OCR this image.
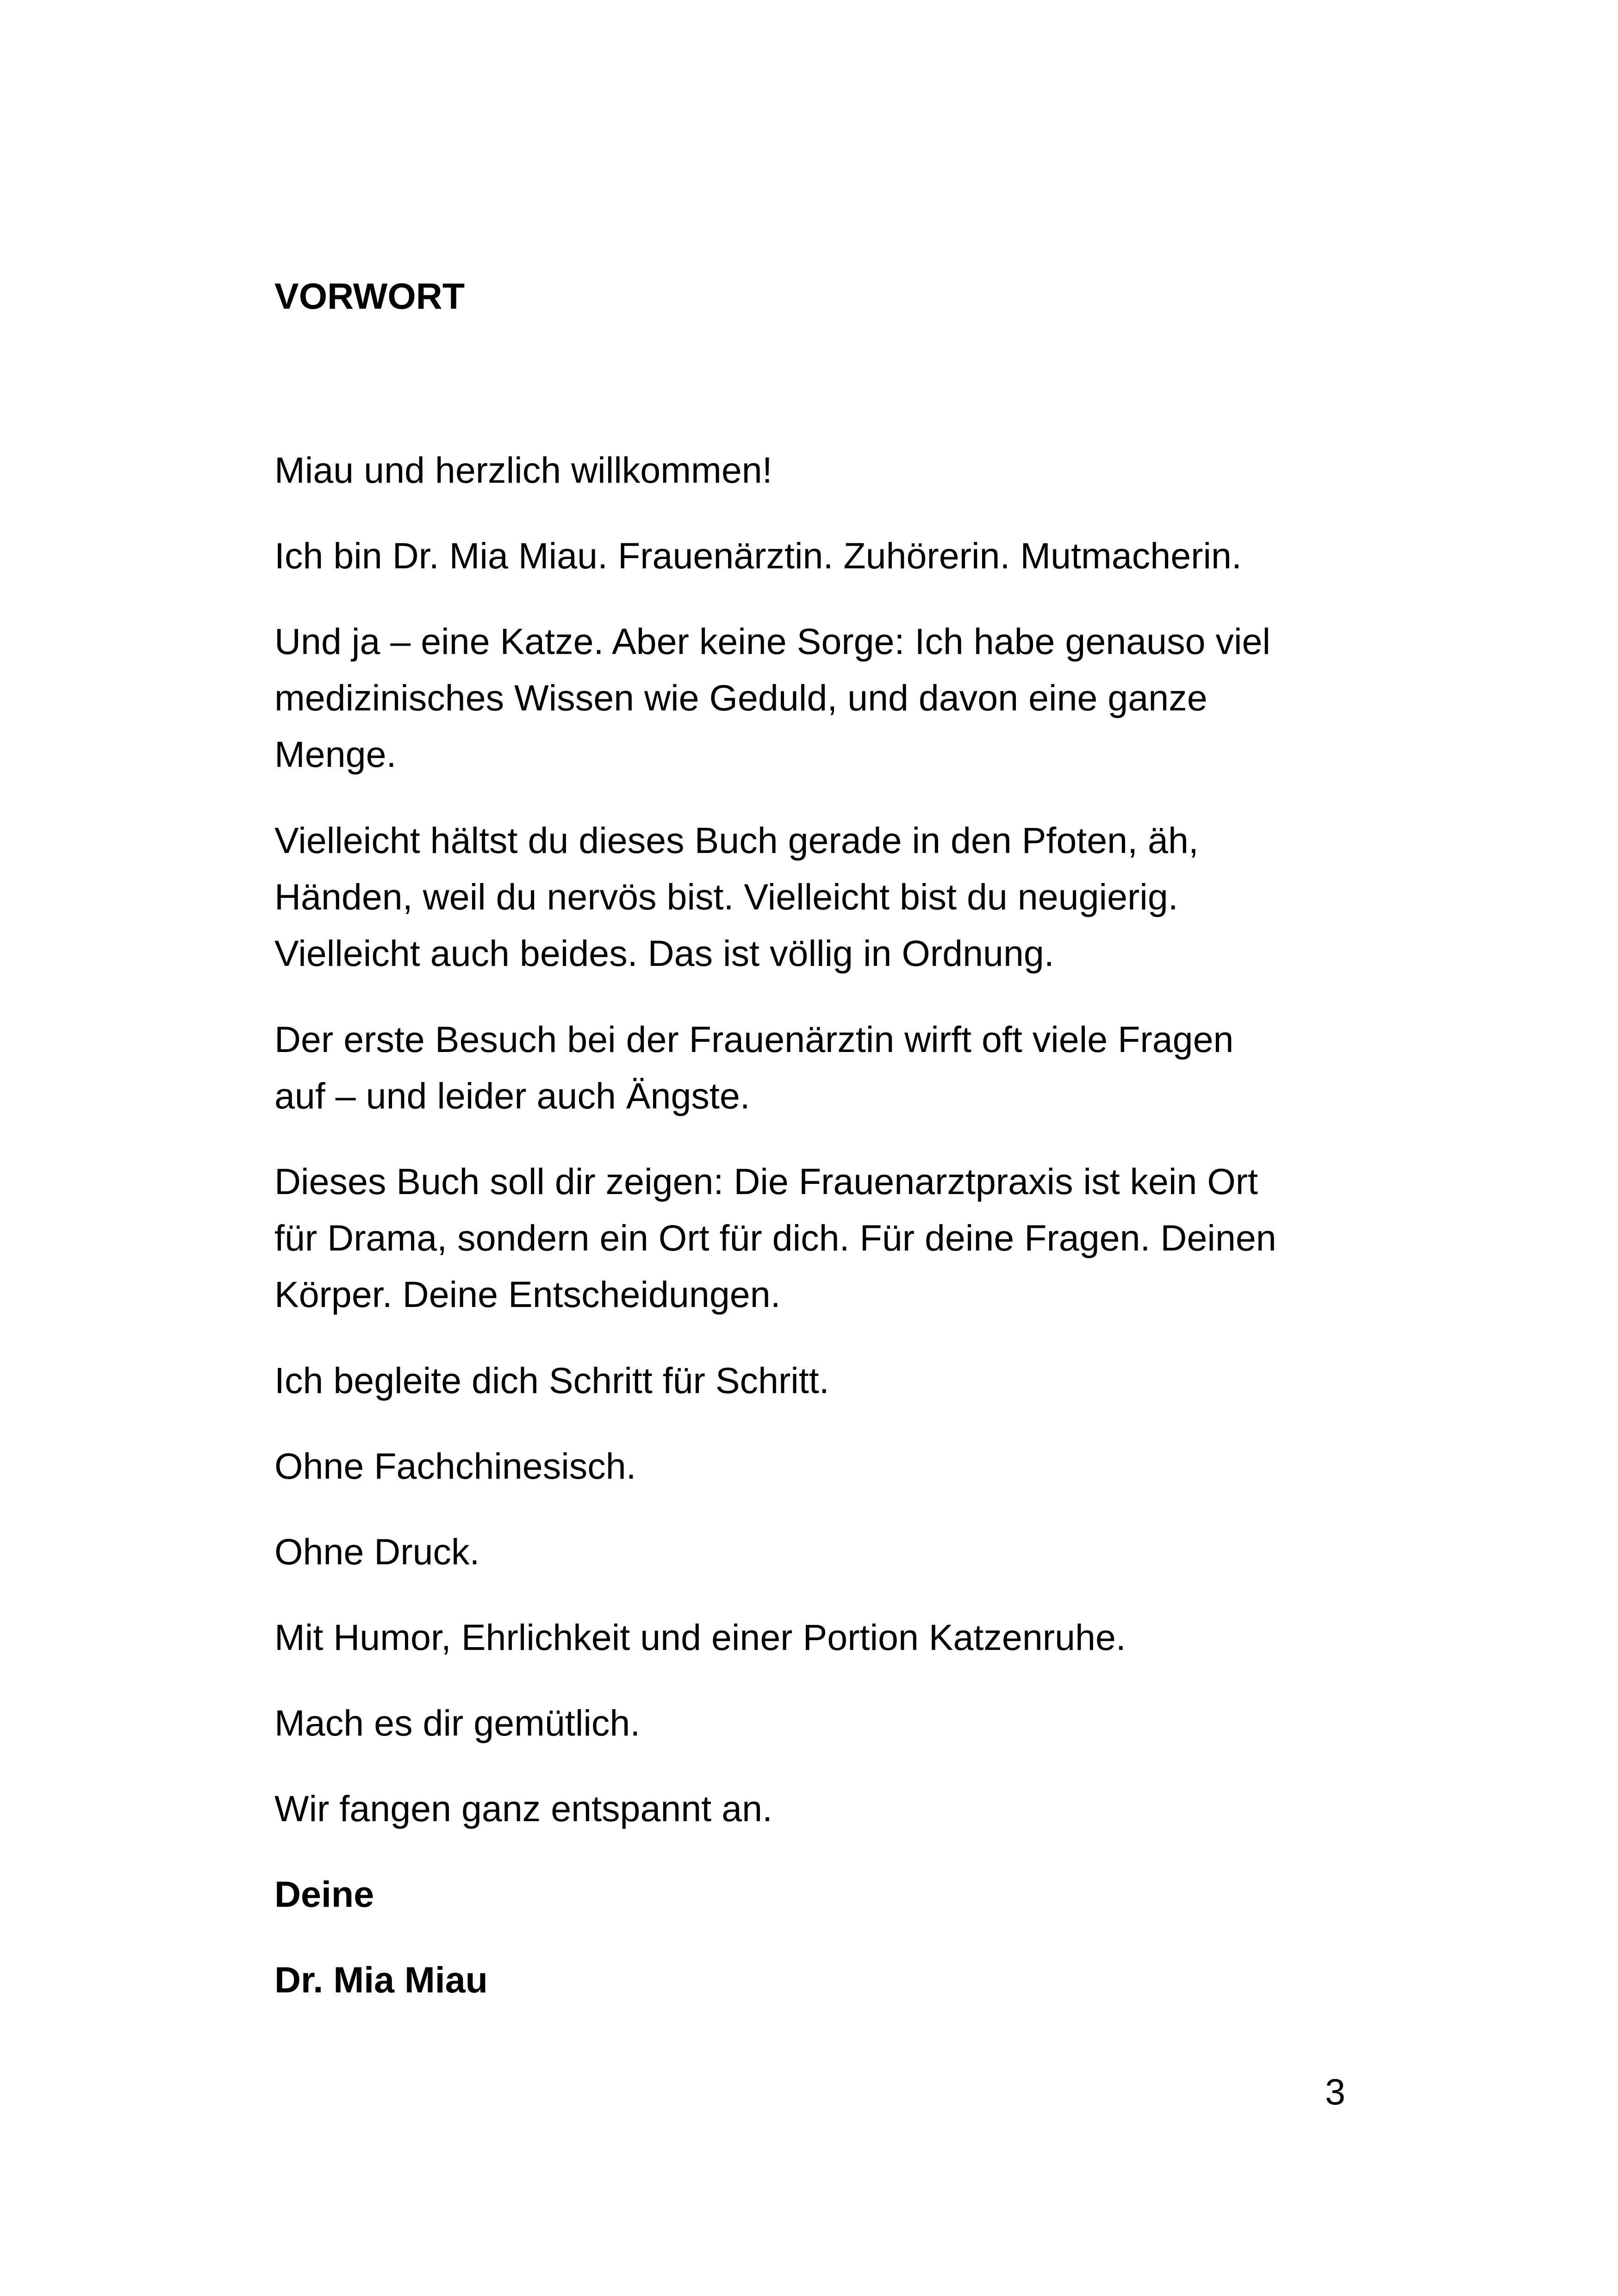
VORWORT
Miau und herzlich willkommen!
Ich bin Dr. Mia Miau. Frauenärztin. Zuhörerin. Mutmacherin.
Und ja – eine Katze. Aber keine Sorge: Ich habe genauso viel
medizinisches Wissen wie Geduld, und davon eine ganze
Menge.
Vielleicht hältst du dieses Buch gerade in den Pfoten, äh,
Händen, weil du nervös bist. Vielleicht bist du neugierig.
Vielleicht auch beides. Das ist völlig in Ordnung.
Der erste Besuch bei der Frauenärztin wirft oft viele Fragen
auf – und leider auch Ängste.
Dieses Buch soll dir zeigen: Die Frauenarztpraxis ist kein Ort
für Drama, sondern ein Ort für dich. Für deine Fragen. Deinen
Körper. Deine Entscheidungen.
Ich begleite dich Schritt für Schritt.
Ohne Fachchinesisch.
Ohne Druck.
Mit Humor, Ehrlichkeit und einer Portion Katzenruhe.
Mach es dir gemütlich.
Wir fangen ganz entspannt an.
Deine
Dr. Mia Miau
3
